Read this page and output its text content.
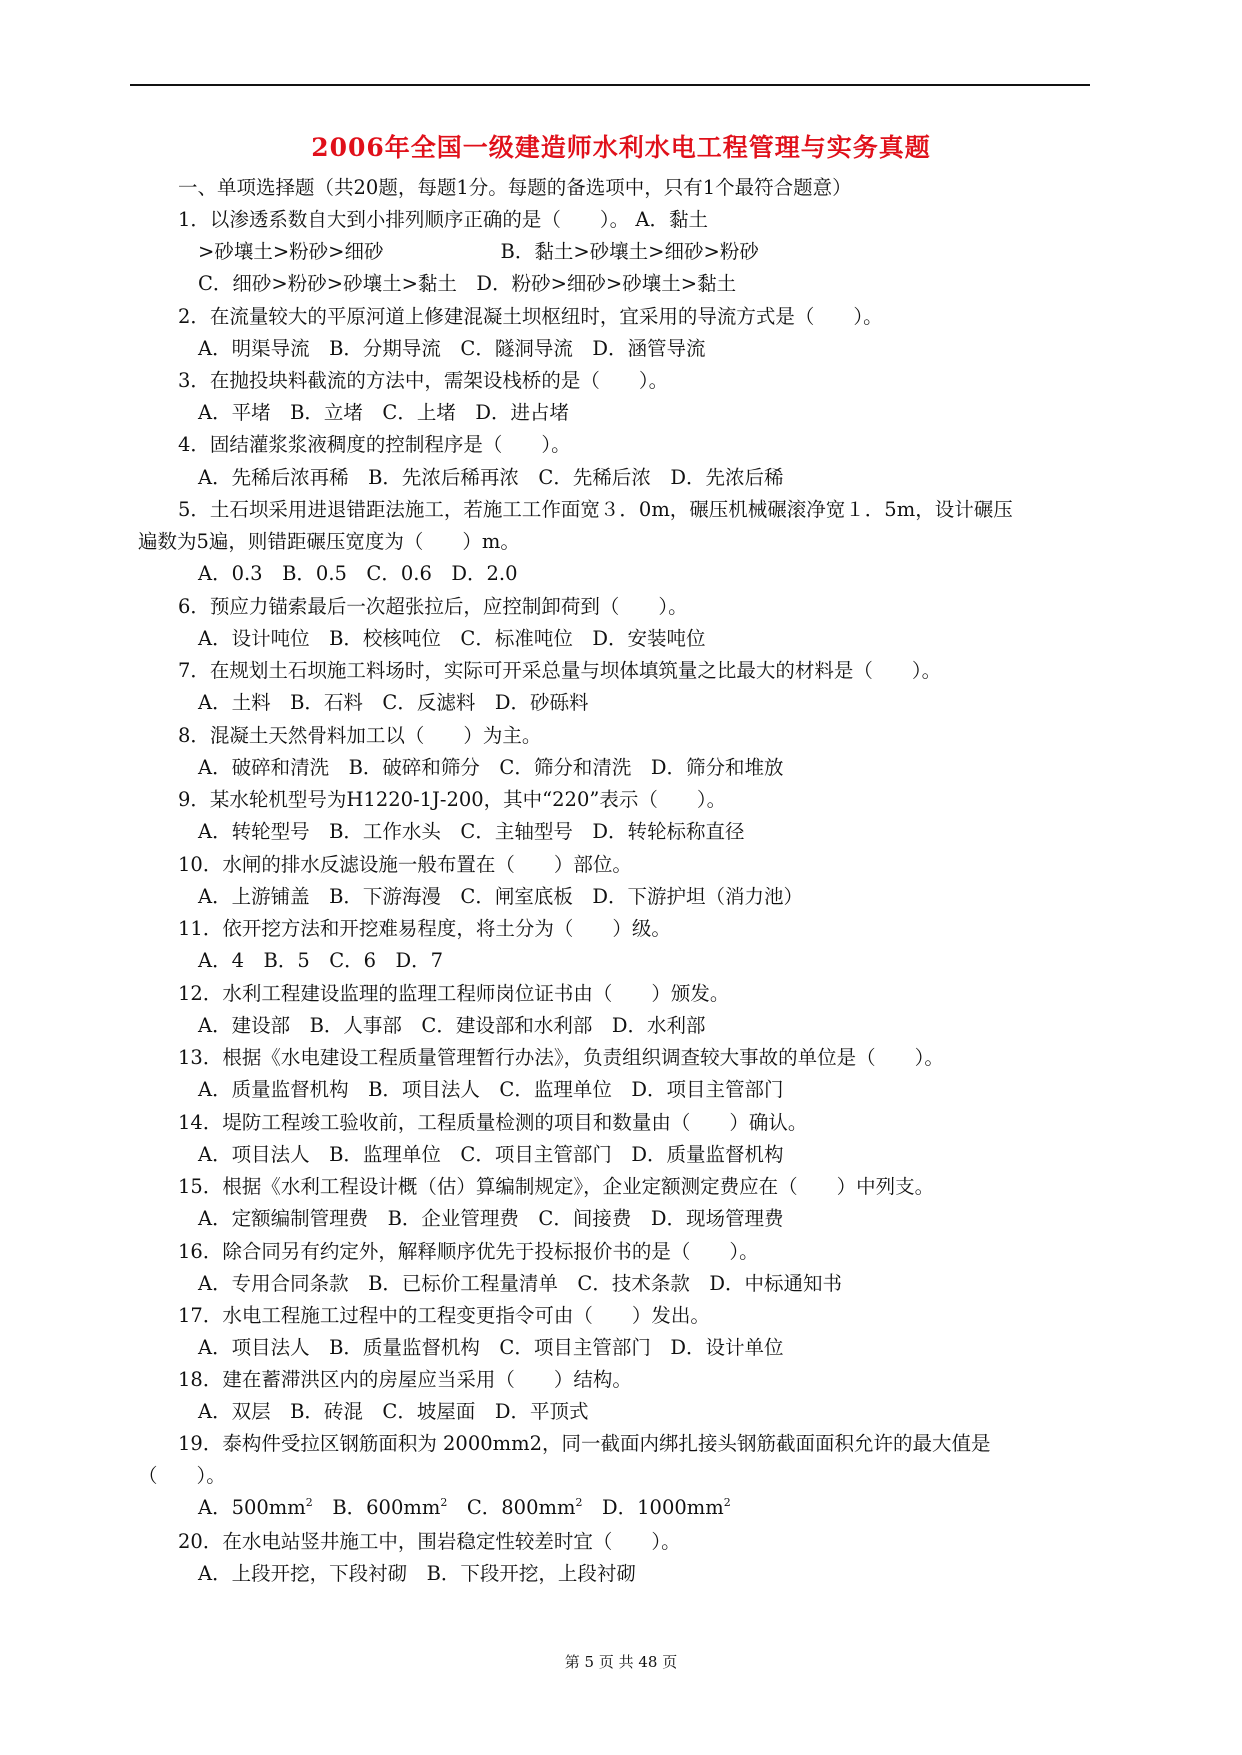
2006年全国一级建造师水利水电工程管理与实务真题
一、单项选择题（共20题，每题1分。每题的备选项中，只有1个最符合题意）
1．以渗透系数自大到小排列顺序正确的是（　　）。 A．黏土
>砂壤土>粉砂>细砂　　　　　　B．黏土>砂壤土>细砂>粉砂
C．细砂>粉砂>砂壤土>黏土　D．粉砂>细砂>砂壤土>黏土
2．在流量较大的平原河道上修建混凝土坝枢纽时，宜采用的导流方式是（　　）。
A．明渠导流　B．分期导流　C．隧洞导流　D．涵管导流
3．在抛投块料截流的方法中，需架设栈桥的是（　　）。
A．平堵　B．立堵　C．上堵　D．进占堵
4．固结灌浆浆液稠度的控制程序是（　　）。
A．先稀后浓再稀　B．先浓后稀再浓　C．先稀后浓　D．先浓后稀
5．土石坝采用进退错距法施工，若施工工作面宽３．0m，碾压机械碾滚净宽１．5m，设计碾压
遍数为5遍，则错距碾压宽度为（　　）m。
A．0.3　B．0.5　C．0.6　D．2.0
6．预应力锚索最后一次超张拉后，应控制卸荷到（　　）。
A．设计吨位　B．校核吨位　C．标准吨位　D．安装吨位
7．在规划土石坝施工料场时，实际可开采总量与坝体填筑量之比最大的材料是（　　）。
A．土料　B．石料　C．反滤料　D．砂砾料
8．混凝土天然骨料加工以（　　）为主。
A．破碎和清洗　B．破碎和筛分　C．筛分和清洗　D．筛分和堆放
9．某水轮机型号为H1220-1J-200，其中“220”表示（　　）。
A．转轮型号　B．工作水头　C．主轴型号　D．转轮标称直径
10．水闸的排水反滤设施一般布置在（　　）部位。
A．上游铺盖　B．下游海漫　C．闸室底板　D．下游护坦（消力池）
11．依开挖方法和开挖难易程度，将土分为（　　）级。
A．4　B．5　C．6　D．7
12．水利工程建设监理的监理工程师岗位证书由（　　）颁发。
A．建设部　B．人事部　C．建设部和水利部　D．水利部
13．根据《水电建设工程质量管理暂行办法》，负责组织调查较大事故的单位是（　　）。
A．质量监督机构　B．项目法人　C．监理单位　D．项目主管部门
14．堤防工程竣工验收前，工程质量检测的项目和数量由（　　）确认。
A．项目法人　B．监理单位　C．项目主管部门　D．质量监督机构
15．根据《水利工程设计概（估）算编制规定》，企业定额测定费应在（　　）中列支。
A．定额编制管理费　B．企业管理费　C．间接费　D．现场管理费
16．除合同另有约定外，解释顺序优先于投标报价书的是（　　）。
A．专用合同条款　B．已标价工程量清单　C．技术条款　D．中标通知书
17．水电工程施工过程中的工程变更指令可由（　　）发出。
A．项目法人　B．质量监督机构　C．项目主管部门　D．设计单位
18．建在蓄滞洪区内的房屋应当采用（　　）结构。
A．双层　B．砖混　C．坡屋面　D．平顶式
19．泰构件受拉区钢筋面积为 2000mm2，同一截面内绑扎接头钢筋截面面积允许的最大值是
（　　）。
A．$500mm^2$　 B．$600mm^2$　 C．$800mm^2$　 D．$1000mm^2$
20．在水电站竖井施工中，围岩稳定性较差时宜（　　）。
A．上段开挖，下段衬砌　B．下段开挖，上段衬砌
第 5 页 共 48 页
